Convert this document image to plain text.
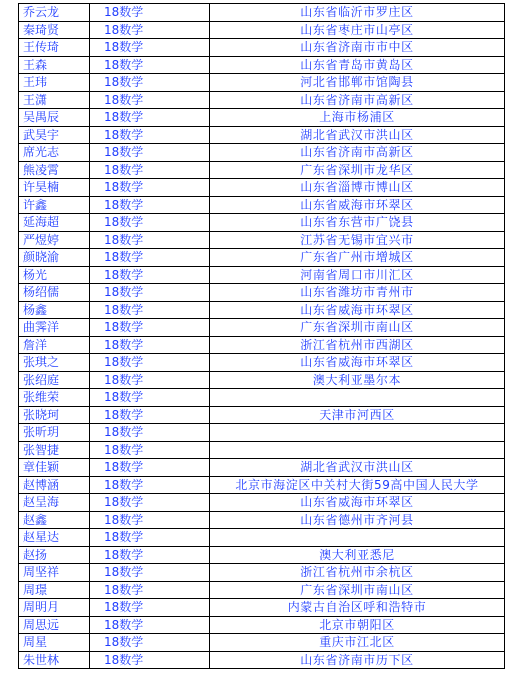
乔云龙	18数学	山东省临沂市罗庄区
秦琦贤	18数学	山东省枣庄市山亭区
王传琦	18数学	山东省济南市市中区
王森	18数学	山东省青岛市黄岛区
王玮	18数学	河北省邯郸市馆陶县
王潇	18数学	山东省济南市高新区
吴禺辰	18数学	上海市杨浦区
武昊宇	18数学	湖北省武汉市洪山区
席光志	18数学	山东省济南市高新区
熊凌霄	18数学	广东省深圳市龙华区
许昊楠	18数学	山东省淄博市博山区
许鑫	18数学	山东省威海市环翠区
延海超	18数学	山东省东营市广饶县
严煜婷	18数学	江苏省无锡市宜兴市
颜晓渝	18数学	广东省广州市增城区
杨光	18数学	河南省周口市川汇区
杨绍儒	18数学	山东省潍坊市青州市
杨鑫	18数学	山东省威海市环翠区
曲霁洋	18数学	广东省深圳市南山区
詹洋	18数学	浙江省杭州市西湖区
张琪之	18数学	山东省威海市环翠区
张绍庭	18数学	澳大利亚墨尔本
张维荣	18数学	
张晓珂	18数学	天津市河西区
张昕玥	18数学	
张智捷	18数学	
章佳颖	18数学	湖北省武汉市洪山区
赵博涵	18数学	北京市海淀区中关村大街59高中国人民大学
赵呈海	18数学	山东省威海市环翠区
赵鑫	18数学	山东省德州市齐河县
赵星达	18数学	
赵扬	18数学	澳大利亚悉尼
周坚祥	18数学	浙江省杭州市余杭区
周璟	18数学	广东省深圳市南山区
周明月	18数学	内蒙古自治区呼和浩特市
周思远	18数学	北京市朝阳区
周星	18数学	重庆市江北区
朱世林	18数学	山东省济南市历下区
